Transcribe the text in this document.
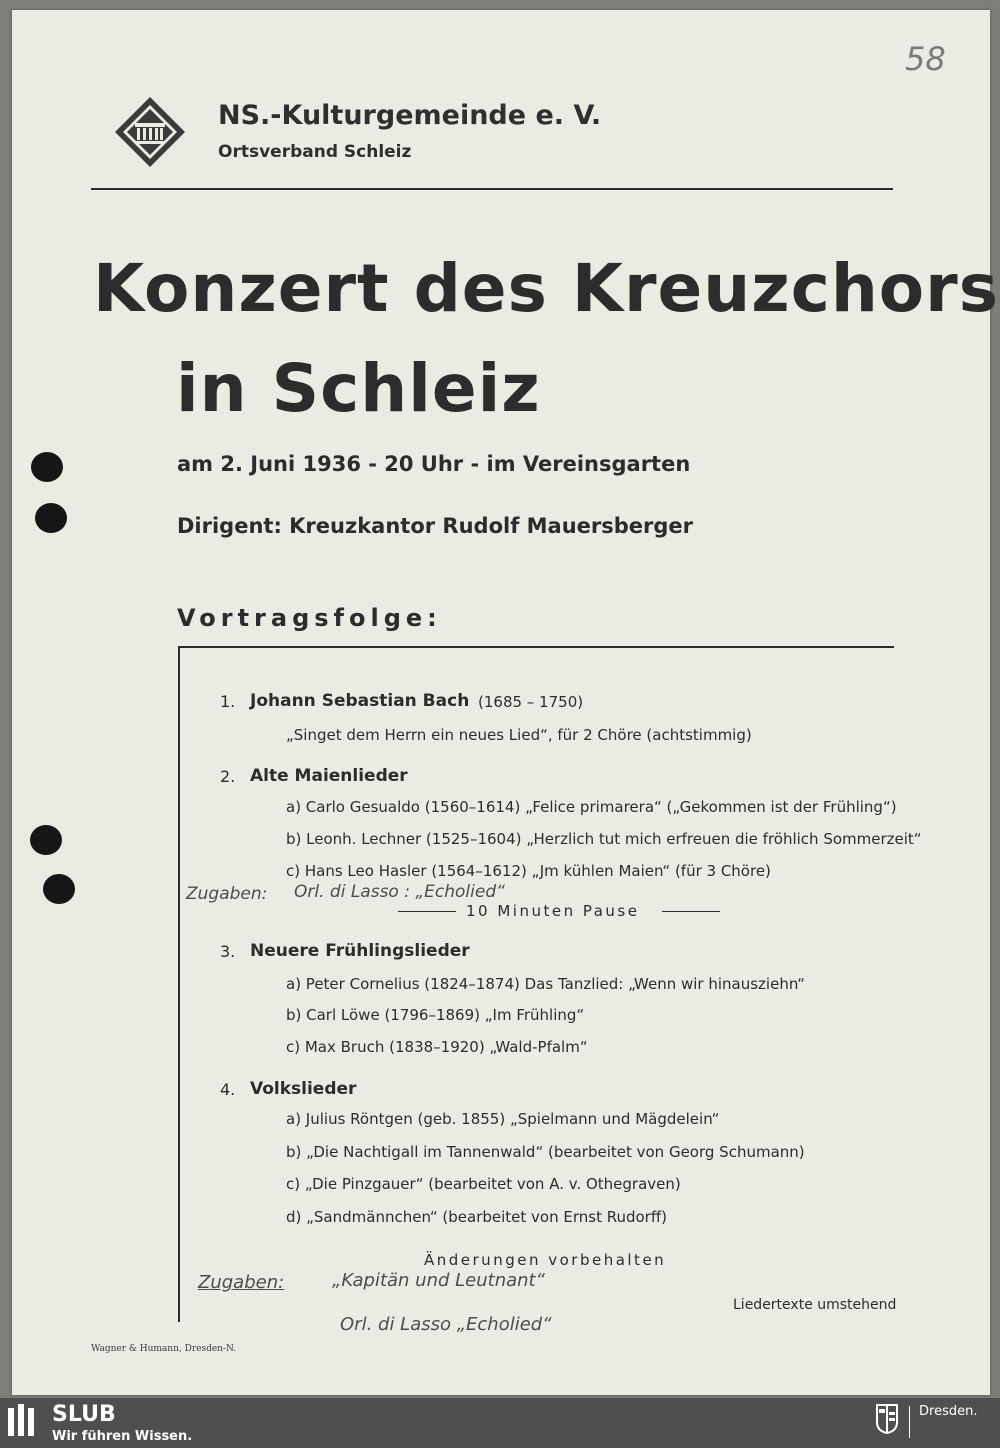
58
NS.-Kulturgemeinde e. V.
Ortsverband Schleiz
Konzert des Kreuzchors
in Schleiz
am 2. Juni 1936 - 20 Uhr - im Vereinsgarten
Dirigent: Kreuzkantor Rudolf Mauersberger
Vortragsfolge:
1. Johann Sebastian Bach (1685 – 1750)
„Singet dem Herrn ein neues Lied“, für 2 Chöre (achtstimmig)
2. Alte Maienlieder
a) Carlo Gesualdo (1560–1614) „Felice primarera“ („Gekommen ist der Frühling“)
b) Leonh. Lechner (1525–1604) „Herzlich tut mich erfreuen die fröhlich Sommerzeit“
c) Hans Leo Hasler (1564–1612) „Jm kühlen Maien“ (für 3 Chöre)
Zugaben: Orl. di Lasso : „Echolied“
10 Minuten Pause
3. Neuere Frühlingslieder
a) Peter Cornelius (1824–1874) Das Tanzlied: „Wenn wir hinausziehn“
b) Carl Löwe (1796–1869) „Im Frühling“
c) Max Bruch (1838–1920) „Wald-Pfalm“
4. Volkslieder
a) Julius Röntgen (geb. 1855) „Spielmann und Mägdelein“
b) „Die Nachtigall im Tannenwald“ (bearbeitet von Georg Schumann)
c) „Die Pinzgauer“ (bearbeitet von A. v. Othegraven)
d) „Sandmännchen“ (bearbeitet von Ernst Rudorff)
Änderungen vorbehalten
Zugaben:	„Kapitän und Leutnant“
Orl. di Lasso „Echolied“
Liedertexte umstehend
Wagner & Humann, Dresden-N.
SLUB
Wir führen Wissen.
Dresden.
